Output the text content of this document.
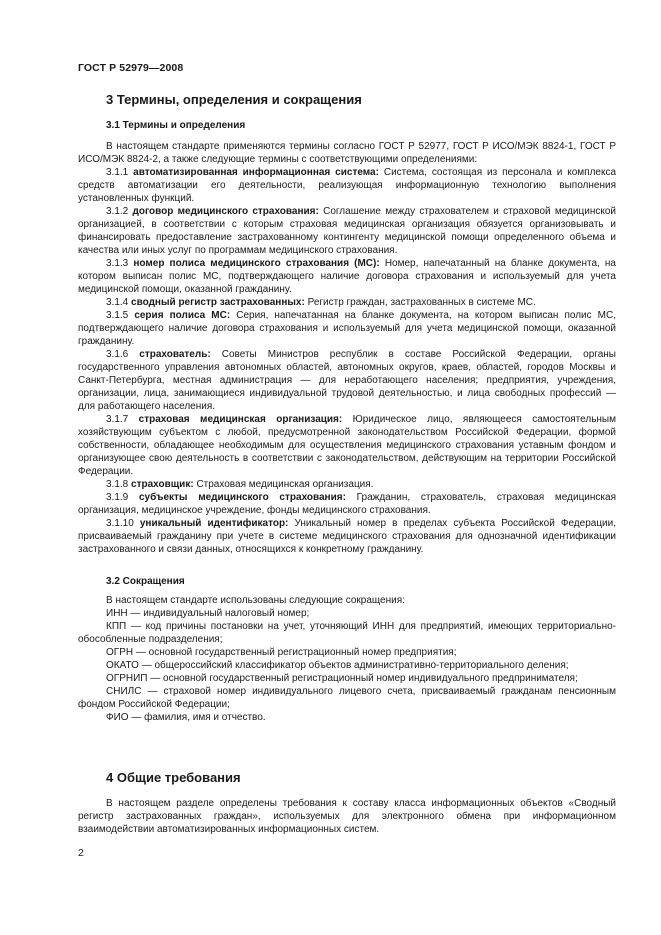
ГОСТ Р 52979—2008
3 Термины, определения и сокращения
3.1 Термины и определения

В настоящем стандарте применяются термины согласно ГОСТ Р 52977, ГОСТ Р ИСО/МЭК 8824-1, ГОСТ Р ИСО/МЭК 8824-2, а также следующие термины с соответствующими определениями:

3.1.1 автоматизированная информационная система: Система, состоящая из персонала и комплекса средств автоматизации его деятельности, реализующая информационную технологию выполнения установленных функций.

3.1.2 договор медицинского страхования: Соглашение между страхователем и страховой медицинской организацией, в соответствии с которым страховая медицинская организация обязуется организовывать и финансировать предоставление застрахованному контингенту медицинской помощи определенного объема и качества или иных услуг по программам медицинского страхования.

3.1.3 номер полиса медицинского страхования (МС): Номер, напечатанный на бланке документа, на котором выписан полис МС, подтверждающего наличие договора страхования и используемый для учета медицинской помощи, оказанной гражданину.

3.1.4 сводный регистр застрахованных: Регистр граждан, застрахованных в системе МС.

3.1.5 серия полиса МС: Серия, напечатанная на бланке документа, на котором выписан полис МС, подтверждающего наличие договора страхования и используемый для учета медицинской помощи, оказанной гражданину.

3.1.6 страхователь: Советы Министров республик в составе Российской Федерации, органы государственного управления автономных областей, автономных округов, краев, областей, городов Москвы и Санкт-Петербурга, местная администрация — для неработающего населения; предприятия, учреждения, организации, лица, занимающиеся индивидуальной трудовой деятельностью, и лица свободных профессий — для работающего населения.

3.1.7 страховая медицинская организация: Юридическое лицо, являющееся самостоятельным хозяйствующим субъектом с любой, предусмотренной законодательством Российской Федерации, формой собственности, обладающее необходимым для осуществления медицинского страхования уставным фондом и организующее свою деятельность в соответствии с законодательством, действующим на территории Российской Федерации.

3.1.8 страховщик: Страховая медицинская организация.

3.1.9 субъекты медицинского страхования: Гражданин, страхователь, страховая медицинская организация, медицинское учреждение, фонды медицинского страхования.

3.1.10 уникальный идентификатор: Уникальный номер в пределах субъекта Российской Федерации, присваиваемый гражданину при учете в системе медицинского страхования для однозначной идентификации застрахованного и связи данных, относящихся к конкретному гражданину.

3.2 Сокращения

В настоящем стандарте использованы следующие сокращения:

ИНН — индивидуальный налоговый номер;

КПП — код причины постановки на учет, уточняющий ИНН для предприятий, имеющих территориально-обособленные подразделения;

ОГРН — основной государственный регистрационный номер предприятия;

ОКАТО — общероссийский классификатор объектов административно-территориального деления;

ОГРНИП — основной государственный регистрационный номер индивидуального предпринимателя;

СНИЛС — страховой номер индивидуального лицевого счета, присваиваемый гражданам пенсионным фондом Российской Федерации;

ФИО — фамилия, имя и отчество.

4 Общие требования

В настоящем разделе определены требования к составу класса информационных объектов «Сводный регистр застрахованных граждан», используемых для электронного обмена при информационном взаимодействии автоматизированных информационных систем.

2
